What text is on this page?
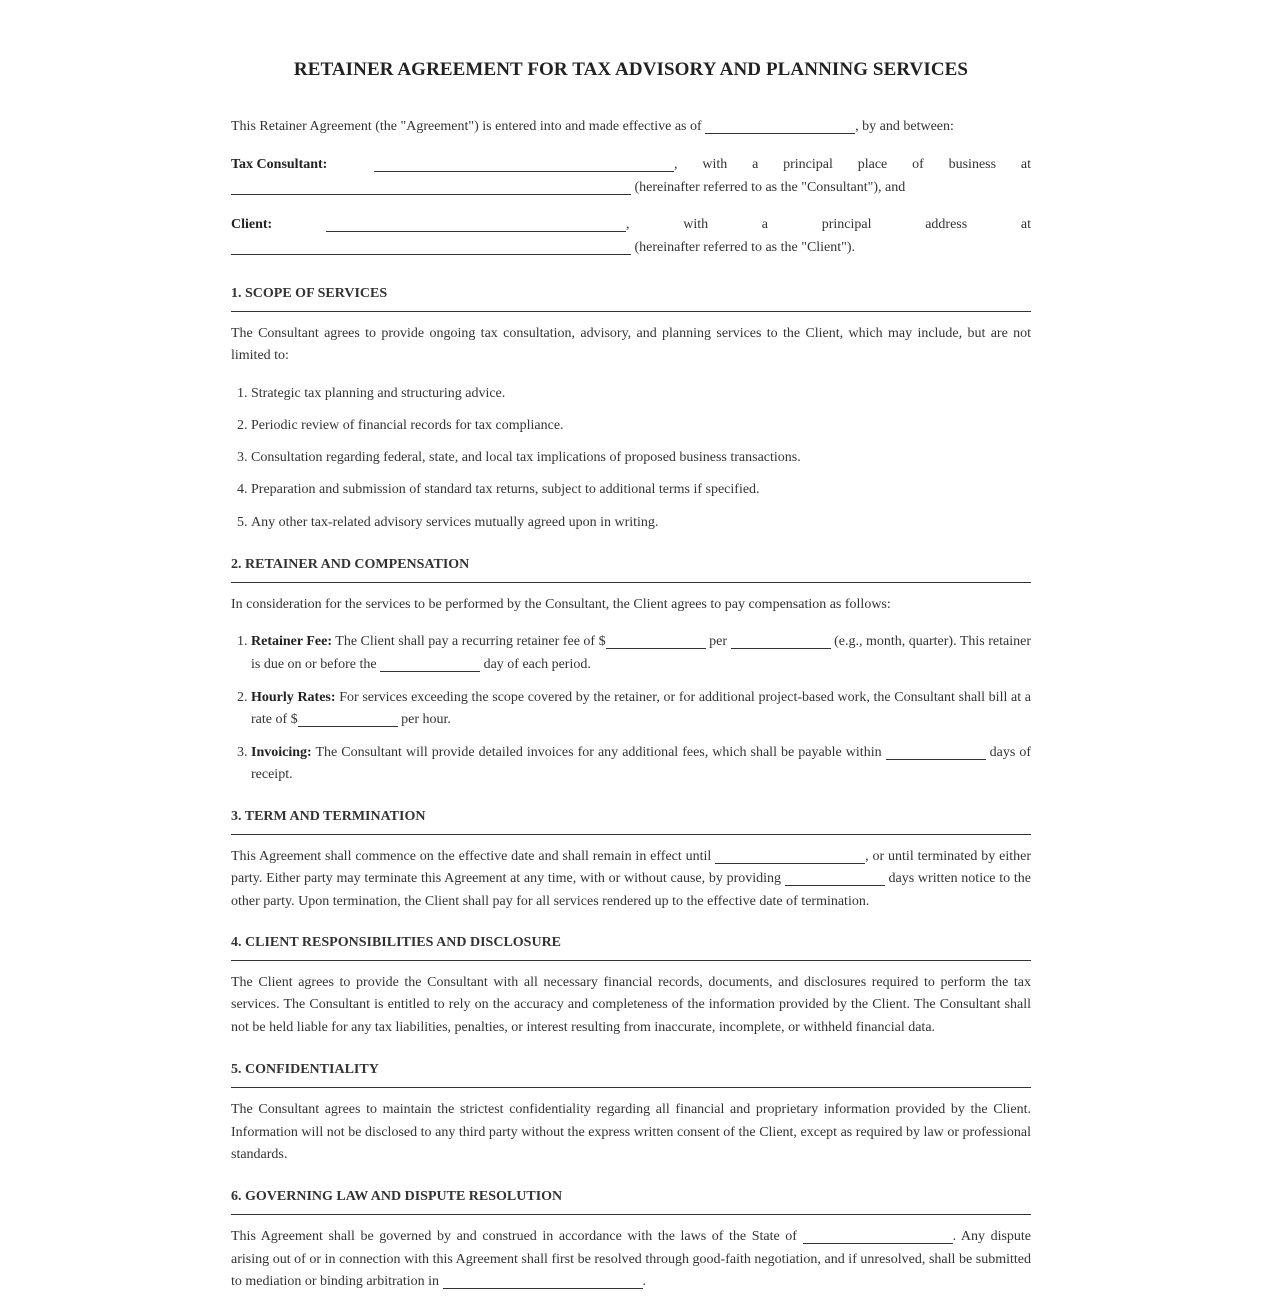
RETAINER AGREEMENT FOR TAX ADVISORY AND PLANNING SERVICES

This Retainer Agreement (the "Agreement") is entered into and made effective as of	, by and between:

Tax Consultant:	, with a principal place of business at  (hereinafter referred to as the "Consultant"), and

Client:	, with a principal address at  (hereinafter referred to as the "Client").

1. SCOPE OF SERVICES

The Consultant agrees to provide ongoing tax consultation, advisory, and planning services to the Client, which may include, but are not limited to:

1. Strategic tax planning and structuring advice.
2. Periodic review of financial records for tax compliance.
3. Consultation regarding federal, state, and local tax implications of proposed business transactions.
4. Preparation and submission of standard tax returns, subject to additional terms if specified.
5. Any other tax-related advisory services mutually agreed upon in writing.
2. RETAINER AND COMPENSATION

In consideration for the services to be performed by the Consultant, the Client agrees to pay compensation as follows:

1. Retainer Fee: The Client shall pay a recurring retainer fee of $	per	(e.g., month, quarter). This retainer is due on or before the	day of each period.
2. Hourly Rates: For services exceeding the scope covered by the retainer, or for additional project-based work, the Consultant shall bill at a rate of $	per hour.
3. Invoicing: The Consultant will provide detailed invoices for any additional fees, which shall be payable within	days of receipt.
3. TERM AND TERMINATION

This Agreement shall commence on the effective date and shall remain in effect until	, or until terminated by either party. Either party may terminate this Agreement at any time, with or without cause, by providing	days written notice to the other party. Upon termination, the Client shall pay for all services rendered up to the effective date of termination.

4. CLIENT RESPONSIBILITIES AND DISCLOSURE

The Client agrees to provide the Consultant with all necessary financial records, documents, and disclosures required to perform the tax services. The Consultant is entitled to rely on the accuracy and completeness of the information provided by the Client. The Consultant shall not be held liable for any tax liabilities, penalties, or interest resulting from inaccurate, incomplete, or withheld financial data.

5. CONFIDENTIALITY

The Consultant agrees to maintain the strictest confidentiality regarding all financial and proprietary information provided by the Client. Information will not be disclosed to any third party without the express written consent of the Client, except as required by law or professional standards.

6. GOVERNING LAW AND DISPUTE RESOLUTION

This Agreement shall be governed by and construed in accordance with the laws of the State of	. Any dispute arising out of or in connection with this Agreement shall first be resolved through good-faith negotiation, and if unresolved, shall be submitted to mediation or binding arbitration in	.
